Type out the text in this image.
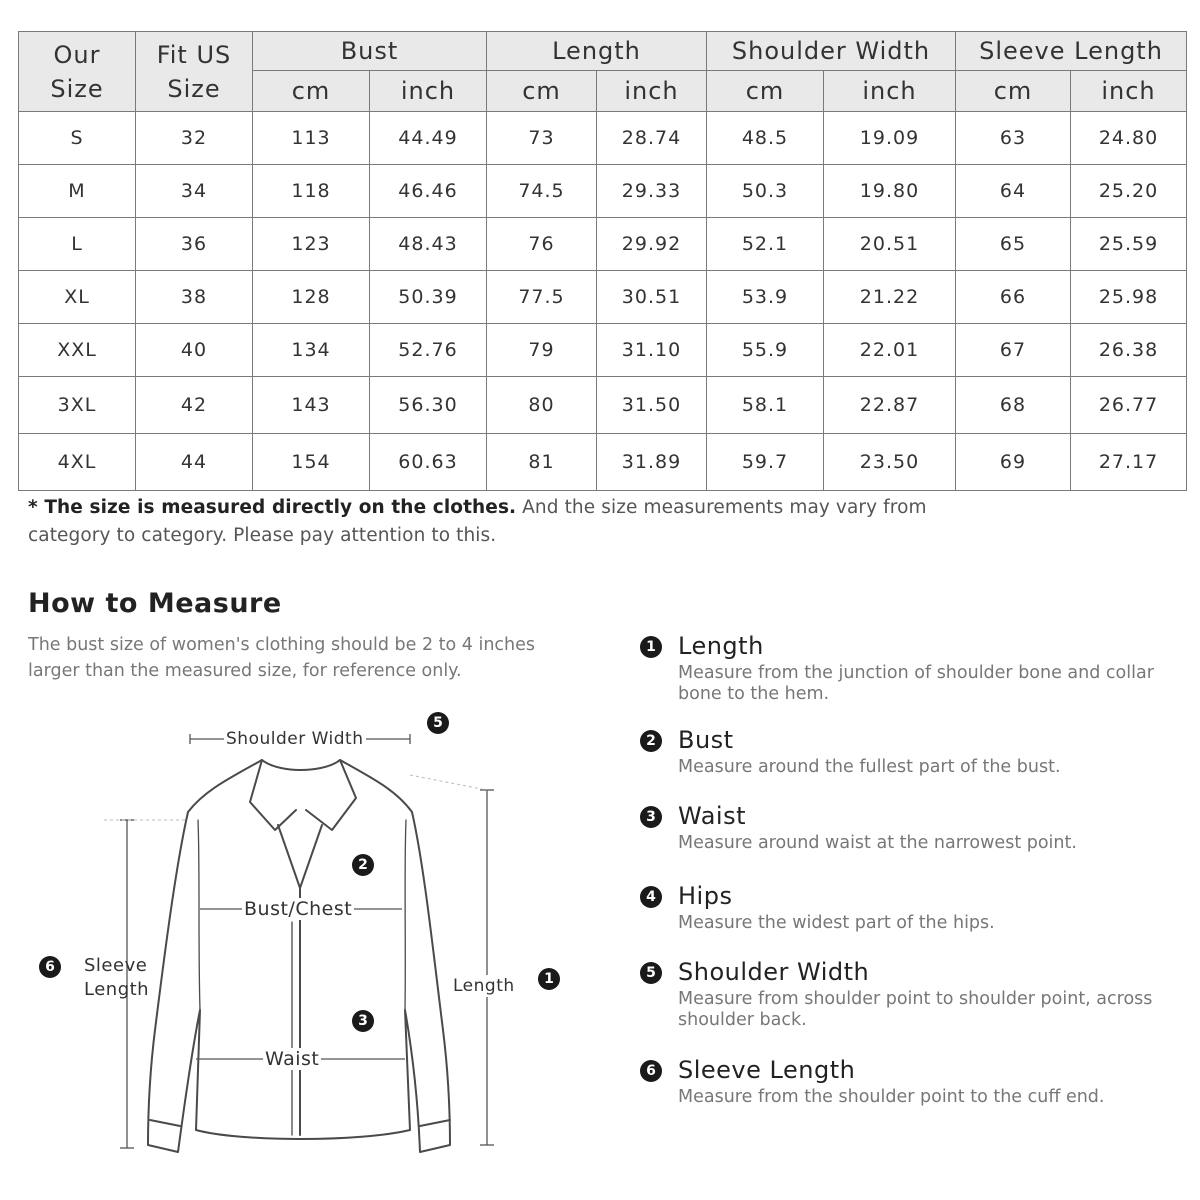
Our
Size	Fit US
Size	Bust		Length		Shoulder Width		Sleeve Length	
		cm	inch	cm	inch	cm	inch	cm	inch
S	32	113	44.49	73	28.74	48.5	19.09	63	24.80
M	34	118	46.46	74.5	29.33	50.3	19.80	64	25.20
L	36	123	48.43	76	29.92	52.1	20.51	65	25.59
XL	38	128	50.39	77.5	30.51	53.9	21.22	66	25.98
XXL	40	134	52.76	79	31.10	55.9	22.01	67	26.38
3XL	42	143	56.30	80	31.50	58.1	22.87	68	26.77
4XL	44	154	60.63	81	31.89	59.7	23.50	69	27.17
* The size is measured directly on the clothes. And the size measurements may vary from category to category. Please pay attention to this.
How to Measure
The bust size of women's clothing should be 2 to 4 inches larger than the measured size, for reference only.
Shoulder Width
Bust/Chest
Waist
Length
Sleeve
Length
5
2
3
1
6
1 Length
Measure from the junction of shoulder bone and collar bone to the hem.
2 Bust
Measure around the fullest part of the bust.
3 Waist
Measure around waist at the narrowest point.
4 Hips
Measure the widest part of the hips.
5 Shoulder Width
Measure from shoulder point to shoulder point, across shoulder back.
6 Sleeve Length
Measure from the shoulder point to the cuff end.
